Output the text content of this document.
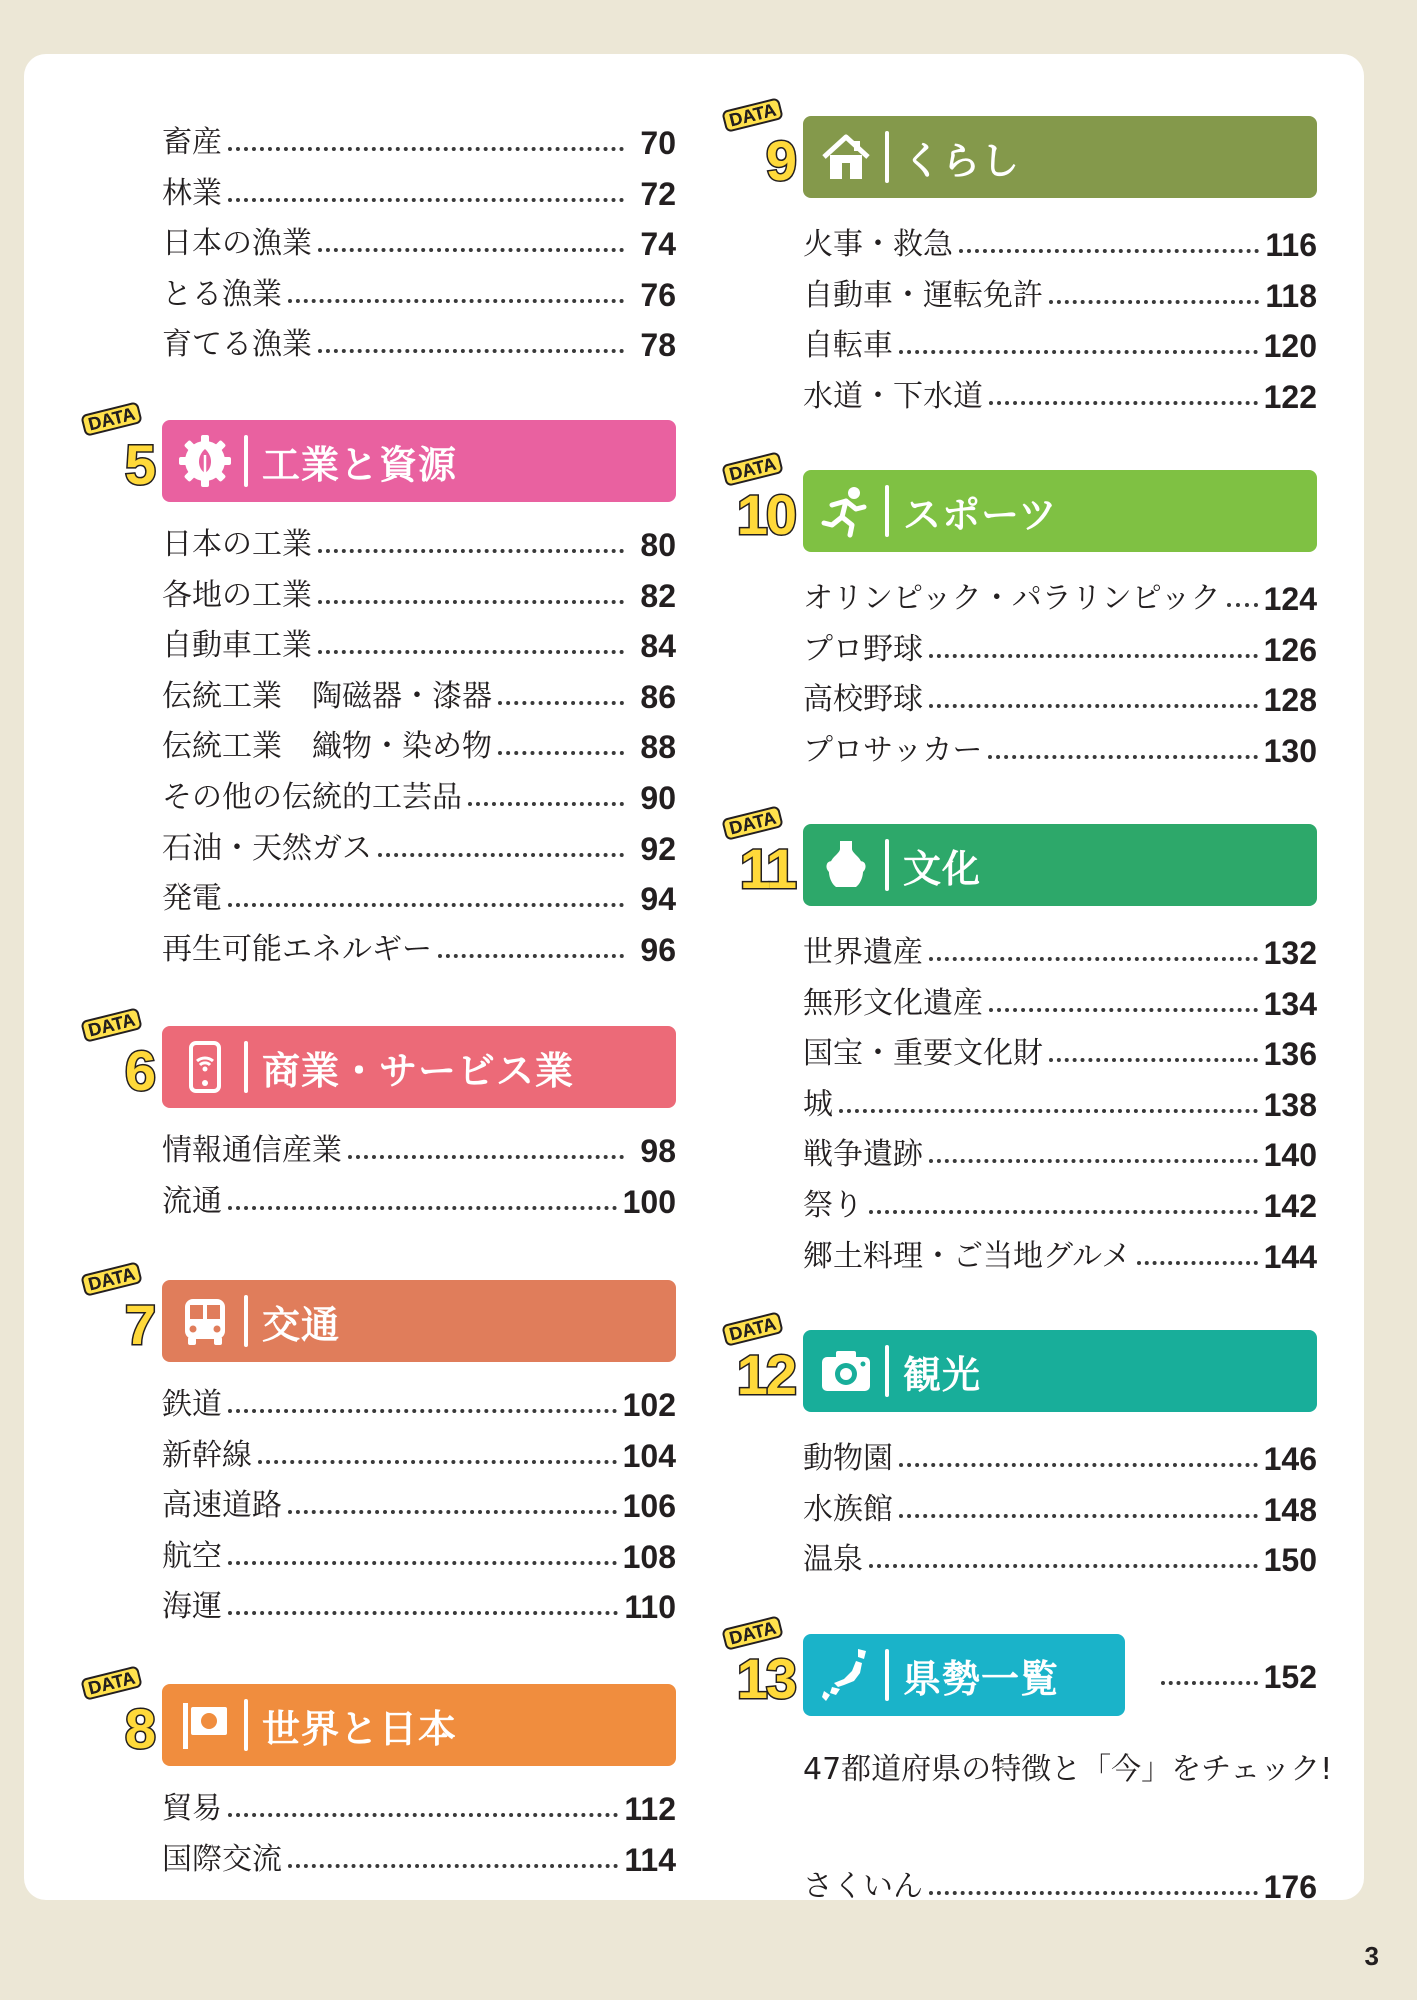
畜産	70
林業	72
日本の漁業	74
とる漁業	76
育てる漁業	78
DATA
5	工業と資源
日本の工業	80
各地の工業	82
自動車工業	84
伝統工業　陶磁器・漆器	86
伝統工業　織物・染め物	88
その他の伝統的工芸品	90
石油・天然ガス	92
発電	94
再生可能エネルギー	96
DATA
6	商業・サービス業
情報通信産業	98
流通	100
DATA
7	交通
鉄道	102
新幹線	104
高速道路	106
航空	108
海運	110
DATA
8	世界と日本
貿易	112
国際交流	114
DATA
9	くらし
火事・救急	116
自動車・運転免許	118
自転車	120
水道・下水道	122
DATA
10	スポーツ
オリンピック・パラリンピック 124
プロ野球	126
高校野球	128
プロサッカー	130
DATA
11	文化
世界遺産	132
無形文化遺産	134
国宝・重要文化財	136
城	138
戦争遺跡	140
祭り	142
郷土料理・ご当地グルメ	144
DATA
12	観光
動物園	146
水族館	148
温泉	150
DATA
13	県勢一覧	152
47都道府県の特徴と「今」をチェック!
さくいん	176
3
